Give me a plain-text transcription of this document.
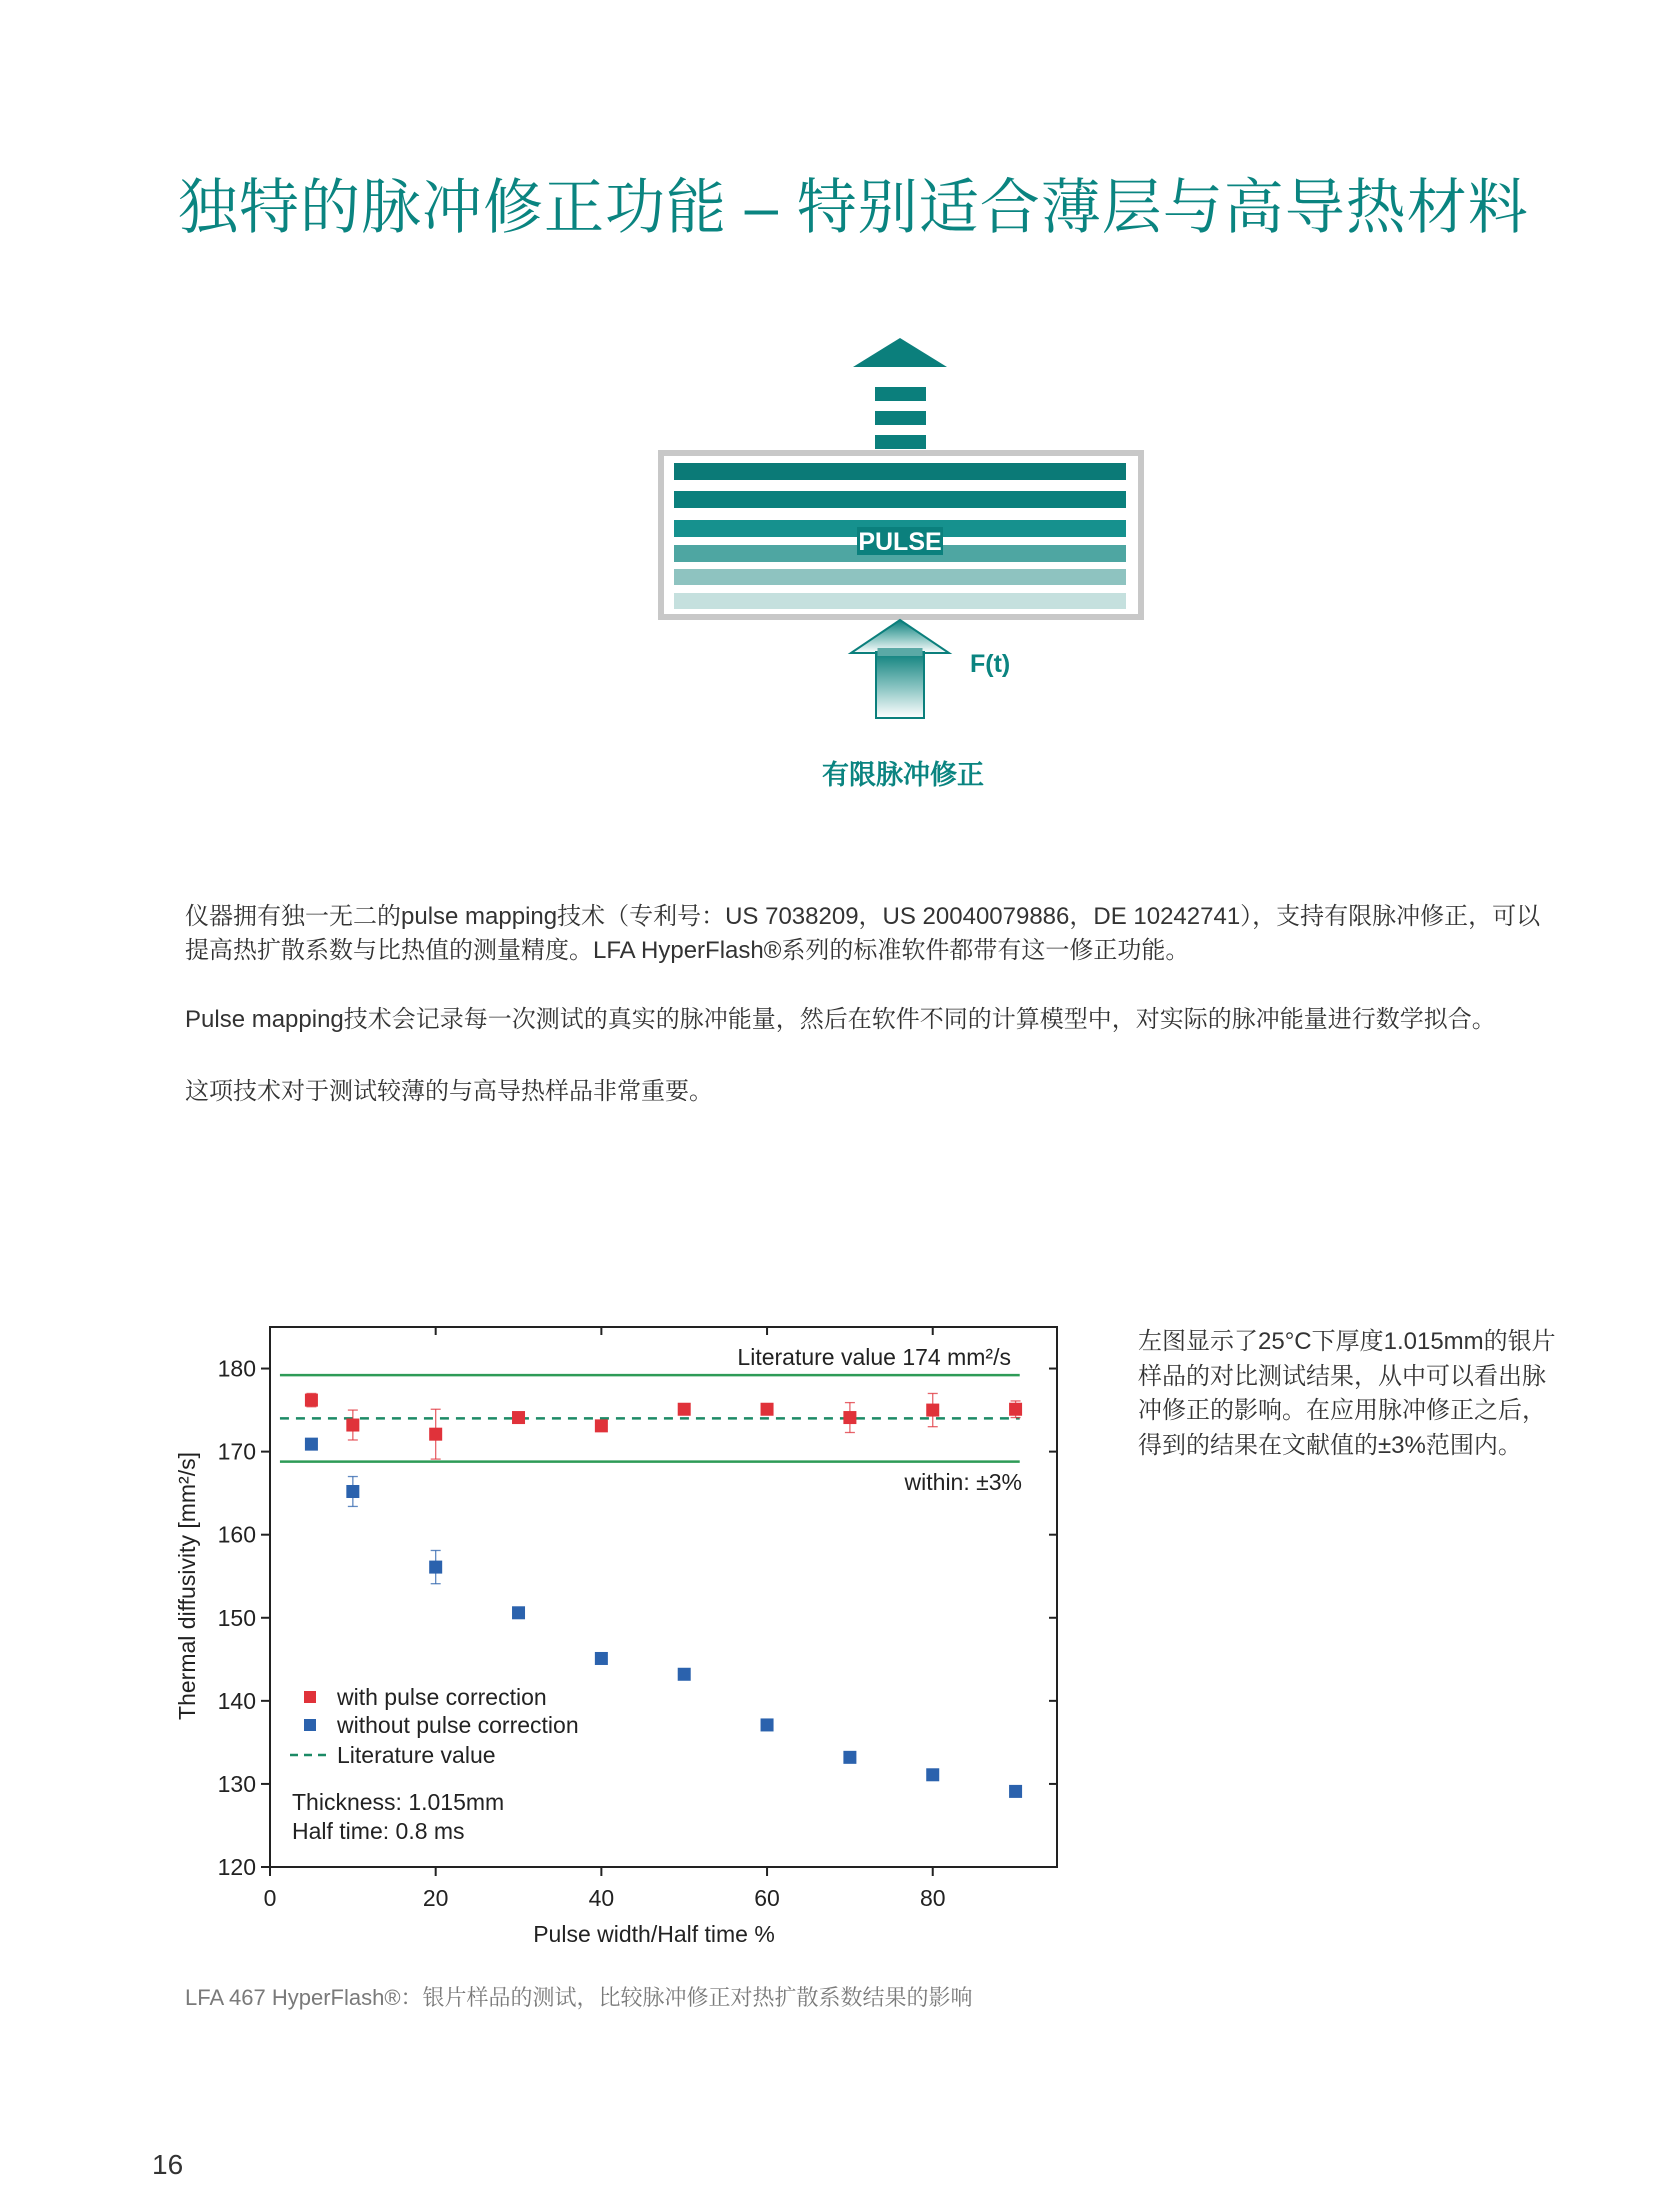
独特的脉冲修正功能 – 特别适合薄层与高导热材料
PULSE
F(t)
有限脉冲修正
仪器拥有独一无二的pulse mapping技术（专利号：US 7038209，US 20040079886，DE 10242741），支持有限脉冲修正，可以
提高热扩散系数与比热值的测量精度。LFA HyperFlash®系列的标准软件都带有这一修正功能。
Pulse mapping技术会记录每一次测试的真实的脉冲能量，然后在软件不同的计算模型中，对实际的脉冲能量进行数学拟合。
这项技术对于测试较薄的与高导热样品非常重要。
120
130
140
150
160
170
180
0	20	40	60	80
Thermal diffusivity [mm²/s]
Pulse width/Half time %
Literature value 174 mm²/s
within: ±3%
with pulse correction
without pulse correction
Literature value
Thickness: 1.015mm
Half time: 0.8 ms
左图显示了25°C下厚度1.015mm的银片
样品的对比测试结果，从中可以看出脉
冲修正的影响。在应用脉冲修正之后，
得到的结果在文献值的±3%范围内。
LFA 467 HyperFlash®：银片样品的测试，比较脉冲修正对热扩散系数结果的影响
16
